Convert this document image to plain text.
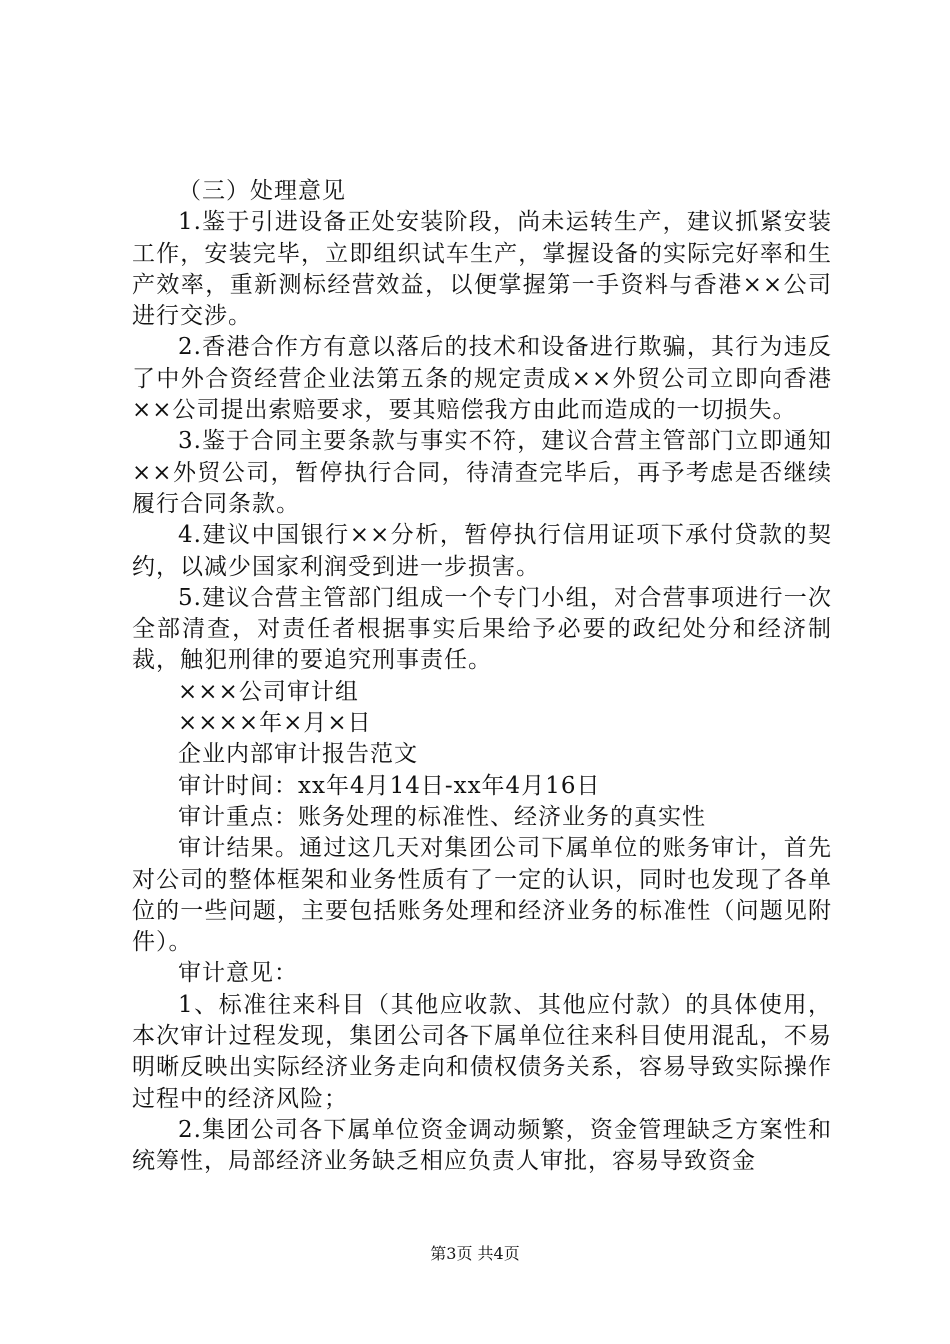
（三）处理意见

1.鉴于引进设备正处安装阶段，尚未运转生产，建议抓紧安装工作，安装完毕，立即组织试车生产，掌握设备的实际完好率和生产效率，重新测标经营效益，以便掌握第一手资料与香港××公司进行交涉。

2.香港合作方有意以落后的技术和设备进行欺骗，其行为违反了中外合资经营企业法第五条的规定责成××外贸公司立即向香港××公司提出索赔要求，要其赔偿我方由此而造成的一切损失。

3.鉴于合同主要条款与事实不符，建议合营主管部门立即通知××外贸公司，暂停执行合同，待清查完毕后，再予考虑是否继续履行合同条款。

4.建议中国银行××分析，暂停执行信用证项下承付贷款的契约，以减少国家利润受到进一步损害。

5.建议合营主管部门组成一个专门小组，对合营事项进行一次全部清查，对责任者根据事实后果给予必要的政纪处分和经济制裁，触犯刑律的要追究刑事责任。

×××公司审计组

××××年×月×日

企业内部审计报告范文

审计时间：xx年4月14日-xx年4月16日

审计重点：账务处理的标准性、经济业务的真实性

审计结果。通过这几天对集团公司下属单位的账务审计，首先对公司的整体框架和业务性质有了一定的认识，同时也发现了各单位的一些问题，主要包括账务处理和经济业务的标准性（问题见附件）。

审计意见：

1、标准往来科目（其他应收款、其他应付款）的具体使用，本次审计过程发现，集团公司各下属单位往来科目使用混乱，不易明晰反映出实际经济业务走向和债权债务关系，容易导致实际操作过程中的经济风险；

2.集团公司各下属单位资金调动频繁，资金管理缺乏方案性和统筹性，局部经济业务缺乏相应负责人审批，容易导致资金

第3页 共4页
